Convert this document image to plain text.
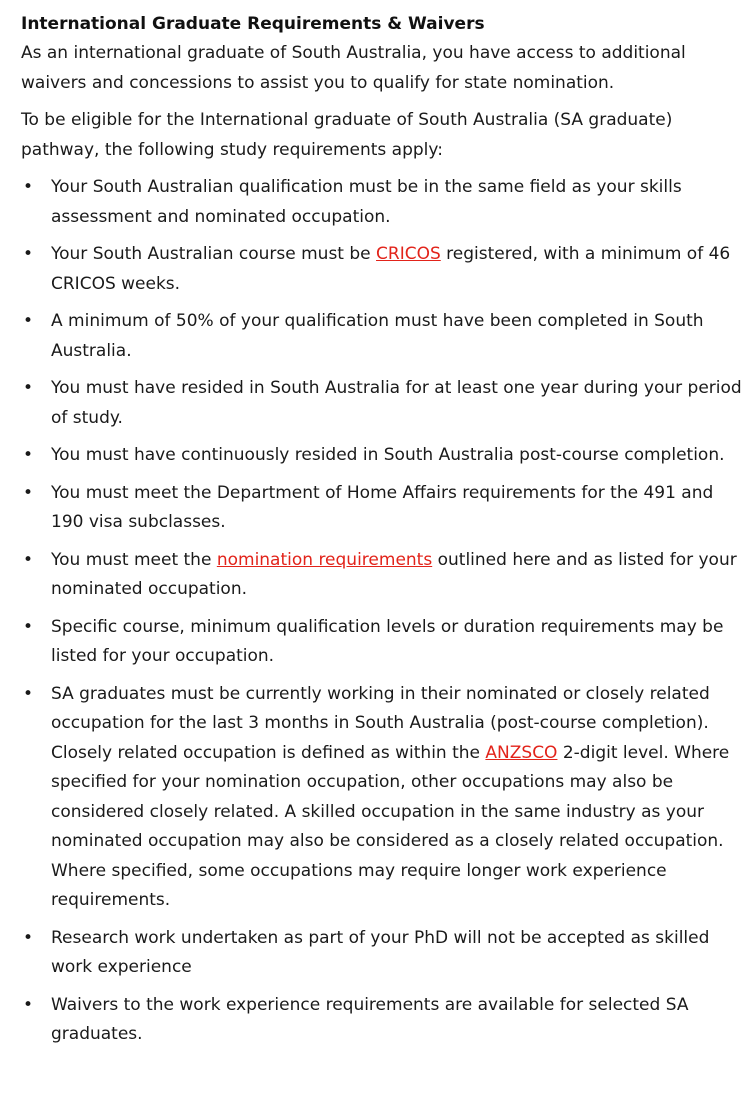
International Graduate Requirements & Waivers

As an international graduate of South Australia, you have access to additional waivers and concessions to assist you to qualify for state nomination.

To be eligible for the International graduate of South Australia (SA graduate) pathway, the following study requirements apply:

• Your South Australian qualification must be in the same field as your skills assessment and nominated occupation.
• Your South Australian course must be CRICOS registered, with a minimum of 46 CRICOS weeks.
• A minimum of 50% of your qualification must have been completed in South Australia.
• You must have resided in South Australia for at least one year during your period of study.
• You must have continuously resided in South Australia post-course completion.
• You must meet the Department of Home Affairs requirements for the 491 and 190 visa subclasses.
• You must meet the nomination requirements outlined here and as listed for your nominated occupation.
• Specific course, minimum qualification levels or duration requirements may be listed for your occupation.
• SA graduates must be currently working in their nominated or closely related occupation for the last 3 months in South Australia (post-course completion). Closely related occupation is defined as within the ANZSCO 2-digit level. Where specified for your nomination occupation, other occupations may also be considered closely related. A skilled occupation in the same industry as your nominated occupation may also be considered as a closely related occupation. Where specified, some occupations may require longer work experience requirements.
• Research work undertaken as part of your PhD will not be accepted as skilled work experience
• Waivers to the work experience requirements are available for selected SA graduates.
